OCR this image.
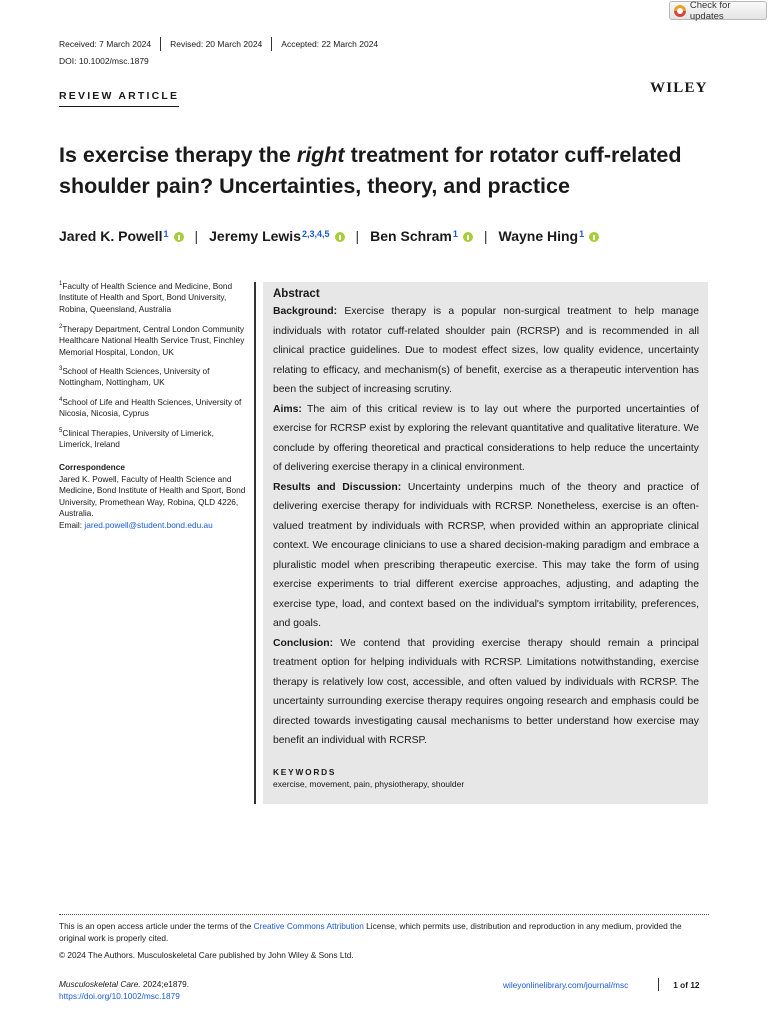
Check for updates
Received: 7 March 2024 Revised: 20 March 2024 Accepted: 22 March 2024
DOI: 10.1002/msc.1879
REVIEW ARTICLE	WILEY
Is exercise therapy the right treatment for rotator cuff-related shoulder pain? Uncertainties, theory, and practice
Jared K. Powell$^1$ | Jeremy Lewis$^{2,3,4,5}$ | Ben Schram$^1$ | Wayne Hing$^1$

$^1$Faculty of Health Science and Medicine, Bond Institute of Health and Sport, Bond University, Robina, Queensland, Australia

$^2$Therapy Department, Central London Community Healthcare National Health Service Trust, Finchley Memorial Hospital, London, UK

$^3$School of Health Sciences, University of Nottingham, Nottingham, UK

$^4$School of Life and Health Sciences, University of Nicosia, Nicosia, Cyprus

$^5$Clinical Therapies, University of Limerick, Limerick, Ireland

Correspondence
Jared K. Powell, Faculty of Health Science and Medicine, Bond Institute of Health and Sport, Bond University, Promethean Way, Robina, QLD 4226, Australia.
Email: jared.powell@student.bond.edu.au
Abstract
Background: Exercise therapy is a popular non-surgical treatment to help manage individuals with rotator cuff-related shoulder pain (RCRSP) and is recommended in all clinical practice guidelines. Due to modest effect sizes, low quality evidence, uncertainty relating to efficacy, and mechanism(s) of benefit, exercise as a therapeutic intervention has been the subject of increasing scrutiny.
Aims: The aim of this critical review is to lay out where the purported uncertainties of exercise for RCRSP exist by exploring the relevant quantitative and qualitative literature. We conclude by offering theoretical and practical considerations to help reduce the uncertainty of delivering exercise therapy in a clinical environment.
Results and Discussion: Uncertainty underpins much of the theory and practice of delivering exercise therapy for individuals with RCRSP. Nonetheless, exercise is an often-valued treatment by individuals with RCRSP, when provided within an appropriate clinical context. We encourage clinicians to use a shared decision-making paradigm and embrace a pluralistic model when prescribing therapeutic exercise. This may take the form of using exercise experiments to trial different exercise approaches, adjusting, and adapting the exercise type, load, and context based on the individual's symptom irritability, preferences, and goals.
Conclusion: We contend that providing exercise therapy should remain a principal treatment option for helping individuals with RCRSP. Limitations notwithstanding, exercise therapy is relatively low cost, accessible, and often valued by individuals with RCRSP. The uncertainty surrounding exercise therapy requires ongoing research and emphasis could be directed towards investigating causal mechanisms to better understand how exercise may benefit an individual with RCRSP.
KEYWORDS
exercise, movement, pain, physiotherapy, shoulder
This is an open access article under the terms of the Creative Commons Attribution License, which permits use, distribution and reproduction in any medium, provided the original work is properly cited.
© 2024 The Authors. Musculoskeletal Care published by John Wiley & Sons Ltd.
Musculoskeletal Care. 2024;e1879.
https://doi.org/10.1002/msc.1879
wileyonlinelibrary.com/journal/msc	1 of 12
